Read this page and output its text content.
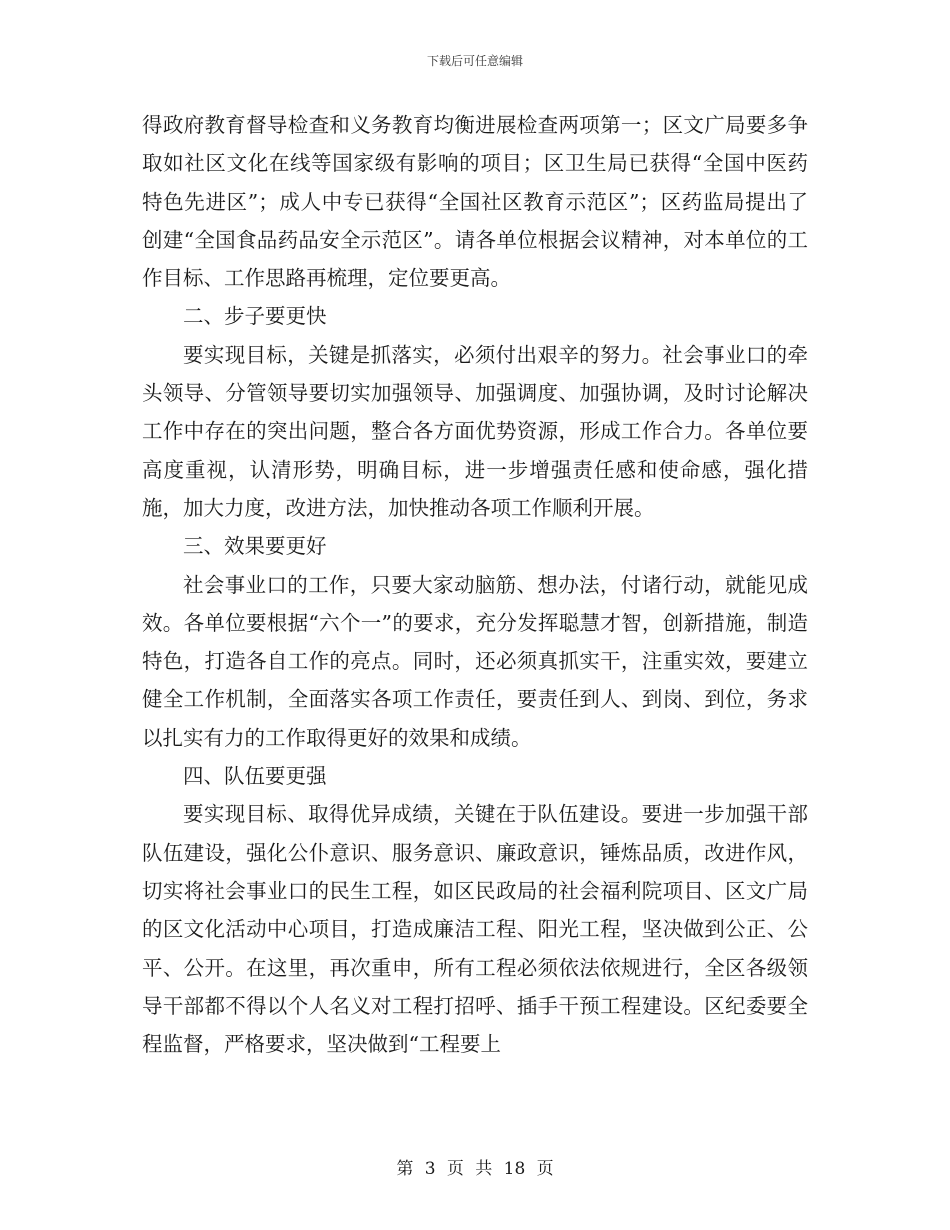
下载后可任意编辑

得政府教育督导检查和义务教育均衡进展检查两项第一；区文广局要多争取如社区文化在线等国家级有影响的项目；区卫生局已获得“全国中医药特色先进区”；成人中专已获得“全国社区教育示范区”；区药监局提出了创建“全国食品药品安全示范区”。请各单位根据会议精神，对本单位的工作目标、工作思路再梳理，定位要更高。

二、步子要更快

要实现目标，关键是抓落实，必须付出艰辛的努力。社会事业口的牵头领导、分管领导要切实加强领导、加强调度、加强协调，及时讨论解决工作中存在的突出问题，整合各方面优势资源，形成工作合力。各单位要高度重视，认清形势，明确目标，进一步增强责任感和使命感，强化措施，加大力度，改进方法，加快推动各项工作顺利开展。

三、效果要更好

社会事业口的工作，只要大家动脑筋、想办法，付诸行动，就能见成效。各单位要根据“六个一”的要求，充分发挥聪慧才智，创新措施，制造特色，打造各自工作的亮点。同时，还必须真抓实干，注重实效，要建立健全工作机制，全面落实各项工作责任，要责任到人、到岗、到位，务求以扎实有力的工作取得更好的效果和成绩。

四、队伍要更强

要实现目标、取得优异成绩，关键在于队伍建设。要进一步加强干部队伍建设，强化公仆意识、服务意识、廉政意识，锤炼品质，改进作风，切实将社会事业口的民生工程，如区民政局的社会福利院项目、区文广局的区文化活动中心项目，打造成廉洁工程、阳光工程，坚决做到公正、公平、公开。在这里，再次重申，所有工程必须依法依规进行，全区各级领导干部都不得以个人名义对工程打招呼、插手干预工程建设。区纪委要全程监督，严格要求，坚决做到“工程要上

第 3 页 共 18 页
